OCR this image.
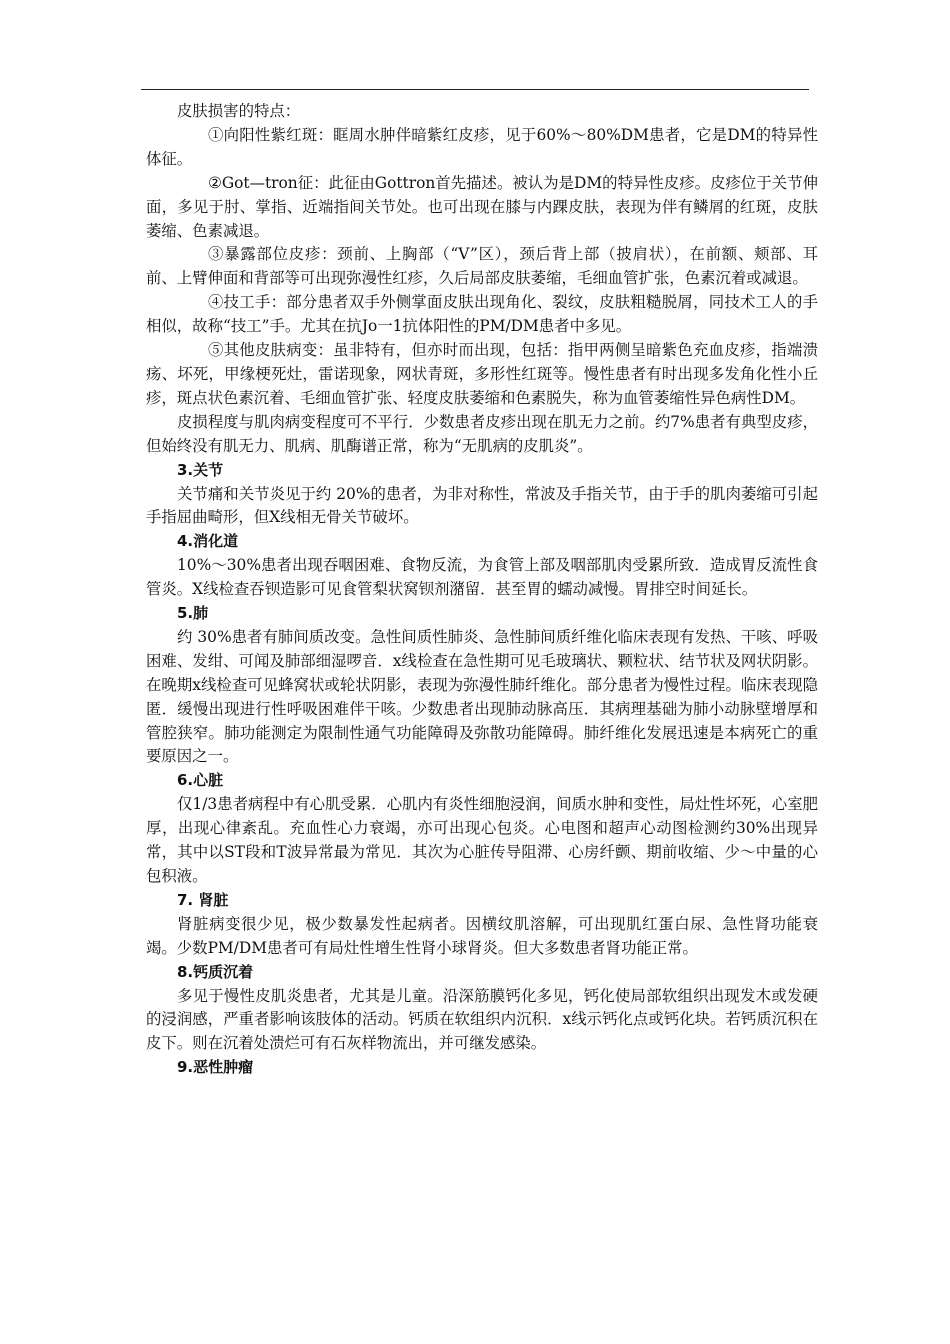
皮肤损害的特点：

①向阳性紫红斑：眶周水肿伴暗紫红皮疹，见于60%～80%DM患者，它是DM的特异性体征。

②Got—tron征：此征由Gottron首先描述。被认为是DM的特异性皮疹。皮疹位于关节伸面，多见于肘、掌指、近端指间关节处。也可出现在膝与内踝皮肤，表现为伴有鳞屑的红斑，皮肤萎缩、色素减退。

③暴露部位皮疹：颈前、上胸部（“V”区），颈后背上部（披肩状），在前额、颊部、耳前、上臂伸面和背部等可出现弥漫性红疹，久后局部皮肤萎缩，毛细血管扩张，色素沉着或减退。

④技工手：部分患者双手外侧掌面皮肤出现角化、裂纹，皮肤粗糙脱屑，同技术工人的手相似，故称“技工”手。尤其在抗Jo一1抗体阳性的PM/DM患者中多见。

⑤其他皮肤病变：虽非特有，但亦时而出现，包括：指甲两侧呈暗紫色充血皮疹，指端溃疡、坏死，甲缘梗死灶，雷诺现象，网状青斑，多形性红斑等。慢性患者有时出现多发角化性小丘疹，斑点状色素沉着、毛细血管扩张、轻度皮肤萎缩和色素脱失，称为血管萎缩性异色病性DM。

皮损程度与肌肉病变程度可不平行．少数患者皮疹出现在肌无力之前。约7%患者有典型皮疹，但始终没有肌无力、肌病、肌酶谱正常，称为“无肌病的皮肌炎”。

3.关节

关节痛和关节炎见于约 20%的患者，为非对称性，常波及手指关节，由于手的肌肉萎缩可引起手指屈曲畸形，但X线相无骨关节破坏。

4.消化道

10%～30%患者出现吞咽困难、食物反流，为食管上部及咽部肌肉受累所致．造成胃反流性食管炎。X线检查吞钡造影可见食管梨状窝钡剂潴留．甚至胃的蠕动减慢。胃排空时间延长。

5.肺

约 30%患者有肺间质改变。急性间质性肺炎、急性肺间质纤维化临床表现有发热、干咳、呼吸困难、发绀、可闻及肺部细湿啰音．x线检查在急性期可见毛玻璃状、颗粒状、结节状及网状阴影。在晚期x线检查可见蜂窝状或轮状阴影，表现为弥漫性肺纤维化。部分患者为慢性过程。临床表现隐匿．缓慢出现进行性呼吸困难伴干咳。少数患者出现肺动脉高压．其病理基础为肺小动脉壁增厚和管腔狭窄。肺功能测定为限制性通气功能障碍及弥散功能障碍。肺纤维化发展迅速是本病死亡的重要原因之一。

6.心脏

仅1/3患者病程中有心肌受累．心肌内有炎性细胞浸润，间质水肿和变性，局灶性坏死，心室肥厚，出现心律紊乱。充血性心力衰竭，亦可出现心包炎。心电图和超声心动图检测约30%出现异常，其中以ST段和T波异常最为常见．其次为心脏传导阻滞、心房纤颤、期前收缩、少～中量的心包积液。

7. 肾脏

肾脏病变很少见，极少数暴发性起病者。因横纹肌溶解，可出现肌红蛋白尿、急性肾功能衰竭。少数PM/DM患者可有局灶性增生性肾小球肾炎。但大多数患者肾功能正常。

8.钙质沉着

多见于慢性皮肌炎患者，尤其是儿童。沿深筋膜钙化多见，钙化使局部软组织出现发木或发硬的浸润感，严重者影响该肢体的活动。钙质在软组织内沉积．x线示钙化点或钙化块。若钙质沉积在皮下。则在沉着处溃烂可有石灰样物流出，并可继发感染。

9.恶性肿瘤
